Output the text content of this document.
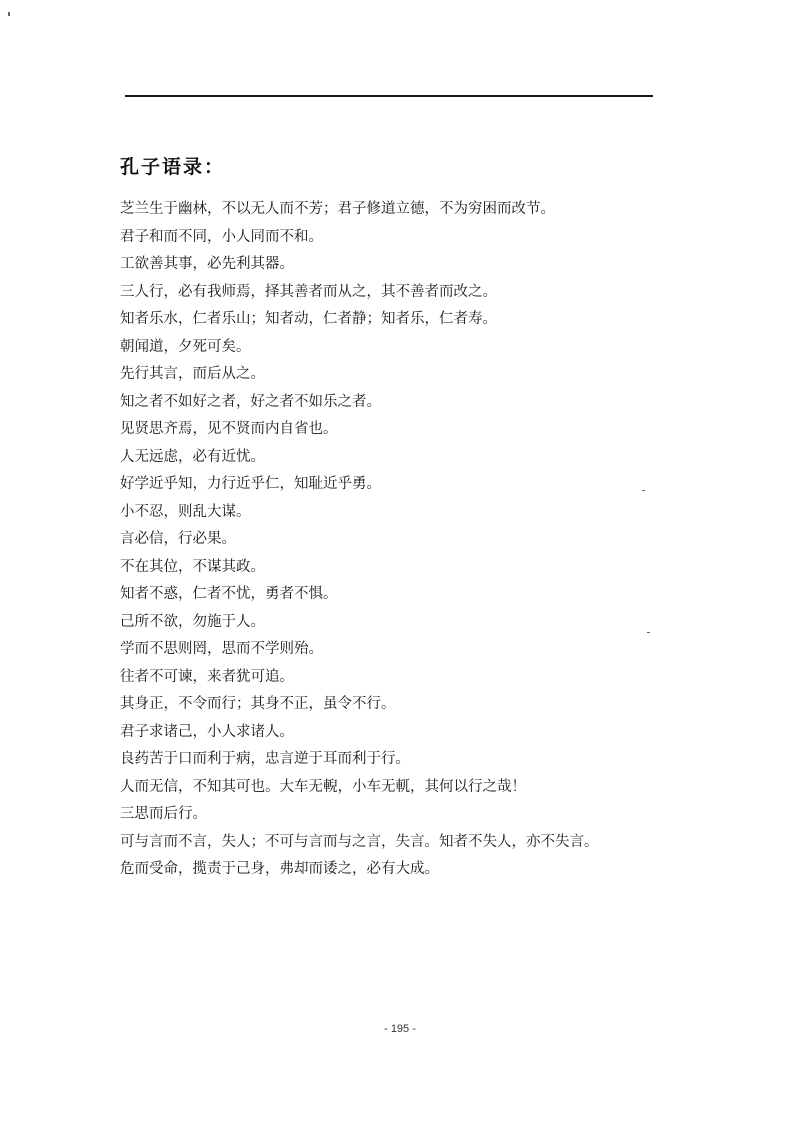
孔子语录：
芝兰生于幽林，不以无人而不芳；君子修道立德，不为穷困而改节。
君子和而不同，小人同而不和。
工欲善其事，必先利其器。
三人行，必有我师焉，择其善者而从之，其不善者而改之。
知者乐水，仁者乐山；知者动，仁者静；知者乐，仁者寿。
朝闻道，夕死可矣。
先行其言，而后从之。
知之者不如好之者，好之者不如乐之者。
见贤思齐焉，见不贤而内自省也。
人无远虑，必有近忧。
好学近乎知，力行近乎仁，知耻近乎勇。
小不忍，则乱大谋。
言必信，行必果。
不在其位，不谋其政。
知者不惑，仁者不忧，勇者不惧。
己所不欲，勿施于人。
学而不思则罔，思而不学则殆。
往者不可谏，来者犹可追。
其身正，不令而行；其身不正，虽令不行。
君子求诸己，小人求诸人。
良药苦于口而利于病，忠言逆于耳而利于行。
人而无信，不知其可也。大车无輗，小车无軏，其何以行之哉！
三思而后行。
可与言而不言，失人；不可与言而与之言，失言。知者不失人，亦不失言。
危而受命，揽责于己身，弗却而诿之，必有大成。
- 195 -
